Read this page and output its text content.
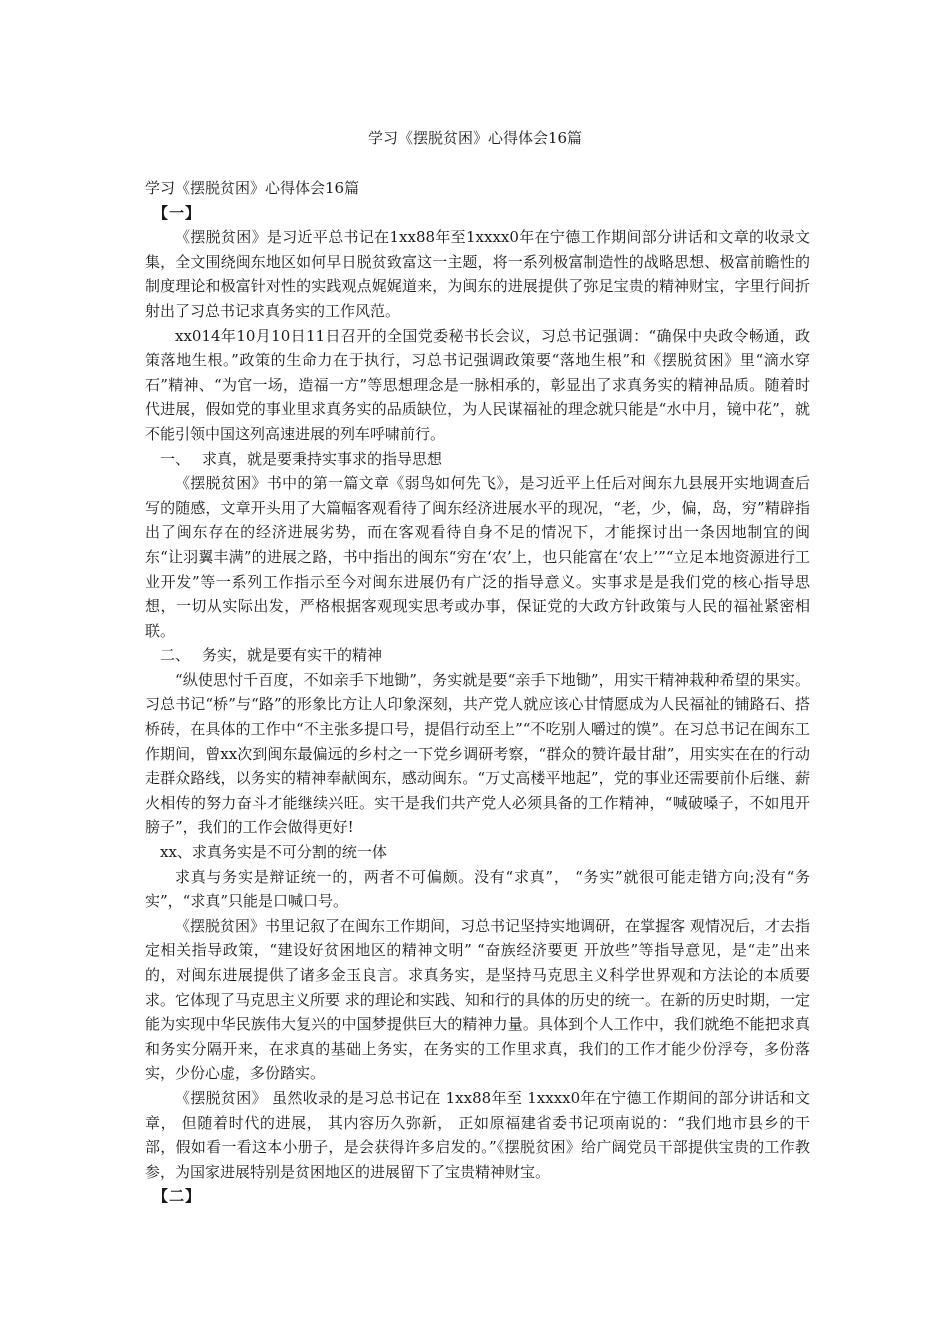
学习《摆脱贫困》心得体会16篇

学习《摆脱贫困》心得体会16篇

【一】

《摆脱贫困》是习近平总书记在1xx88年至1xxxx0年在宁德工作期间部分讲话和文章的收录文集，全文围绕闽东地区如何早日脱贫致富这一主题，将一系列极富制造性的战略思想、极富前瞻性的制度理论和极富针对性的实践观点娓娓道来，为闽东的进展提供了弥足宝贵的精神财宝，字里行间折射出了习总书记求真务实的工作风范。

xx014年10月10日11日召开的全国党委秘书长会议，习总书记强调：“确保中央政令畅通，政策落地生根。”政策的生命力在于执行，习总书记强调政策要“落地生根”和《摆脱贫困》里“滴水穿石”精神、“为官一场，造福一方”等思想理念是一脉相承的，彰显出了求真务实的精神品质。随着时代进展，假如党的事业里求真务实的品质缺位，为人民谋福祉的理念就只能是“水中月，镜中花”，就不能引领中国这列高速进展的列车呼啸前行。

一、 求真，就是要秉持实事求的指导思想

《摆脱贫困》书中的第一篇文章《弱鸟如何先飞》，是习近平上任后对闽东九县展开实地调查后写的随感，文章开头用了大篇幅客观看待了闽东经济进展水平的现况，“老，少，偏，岛，穷”精辟指出了闽东存在的经济进展劣势，而在客观看待自身不足的情况下，才能探讨出一条因地制宜的闽东“让羽翼丰满”的进展之路，书中指出的闽东“穷在‘农’上，也只能富在‘农上’”“立足本地资源进行工业开发”等一系列工作指示至今对闽东进展仍有广泛的指导意义。实事求是是我们党的核心指导思想，一切从实际出发，严格根据客观现实思考或办事，保证党的大政方针政策与人民的福祉紧密相联。

二、 务实，就是要有实干的精神

“纵使思忖千百度，不如亲手下地锄”，务实就是要“亲手下地锄”，用实干精神栽种希望的果实。习总书记“桥”与“路”的形象比方让人印象深刻，共产党人就应该心甘情愿成为人民福祉的铺路石、搭桥砖，在具体的工作中“不主张多提口号，提倡行动至上”“不吃别人嚼过的馍”。在习总书记在闽东工作期间，曾xx次到闽东最偏远的乡村之一下党乡调研考察，“群众的赞许最甘甜”，用实实在在的行动走群众路线，以务实的精神奉献闽东，感动闽东。“万丈高楼平地起”，党的事业还需要前仆后继、薪火相传的努力奋斗才能继续兴旺。实干是我们共产党人必须具备的工作精神，“喊破嗓子，不如甩开膀子”，我们的工作会做得更好!

xx、求真务实是不可分割的统一体

求真与务实是辩证统一的，两者不可偏颇。没有“求真”， “务实”就很可能走错方向;没有“务实”，“求真”只能是口喊口号。

《摆脱贫困》书里记叙了在闽东工作期间，习总书记坚持实地调研，在掌握客 观情况后，才去指定相关指导政策，“建设好贫困地区的精神文明” “奋族经济要更 开放些”等指导意见，是“走”出来的，对闽东进展提供了诸多金玉良言。求真务实，是坚持马克思主义科学世界观和方法论的本质要求。它体现了马克思主义所要 求的理论和实践、知和行的具体的历史的统一。在新的历史时期，一定能为实现中华民族伟大复兴的中国梦提供巨大的精神力量。具体到个人工作中，我们就绝不能把求真和务实分隔开来，在求真的基础上务实，在务实的工作里求真，我们的工作才能少份浮夸，多份落实，少份心虚，多份踏实。

《摆脱贫困》 虽然收录的是习总书记在 1xx88年至 1xxxx0年在宁德工作期间的部分讲话和文章， 但随着时代的进展， 其内容历久弥新， 正如原福建省委书记项南说的：“我们地市县乡的干部，假如看一看这本小册子，是会获得许多启发的。”《摆脱贫困》给广阔党员干部提供宝贵的工作教参，为国家进展特别是贫困地区的进展留下了宝贵精神财宝。

【二】
